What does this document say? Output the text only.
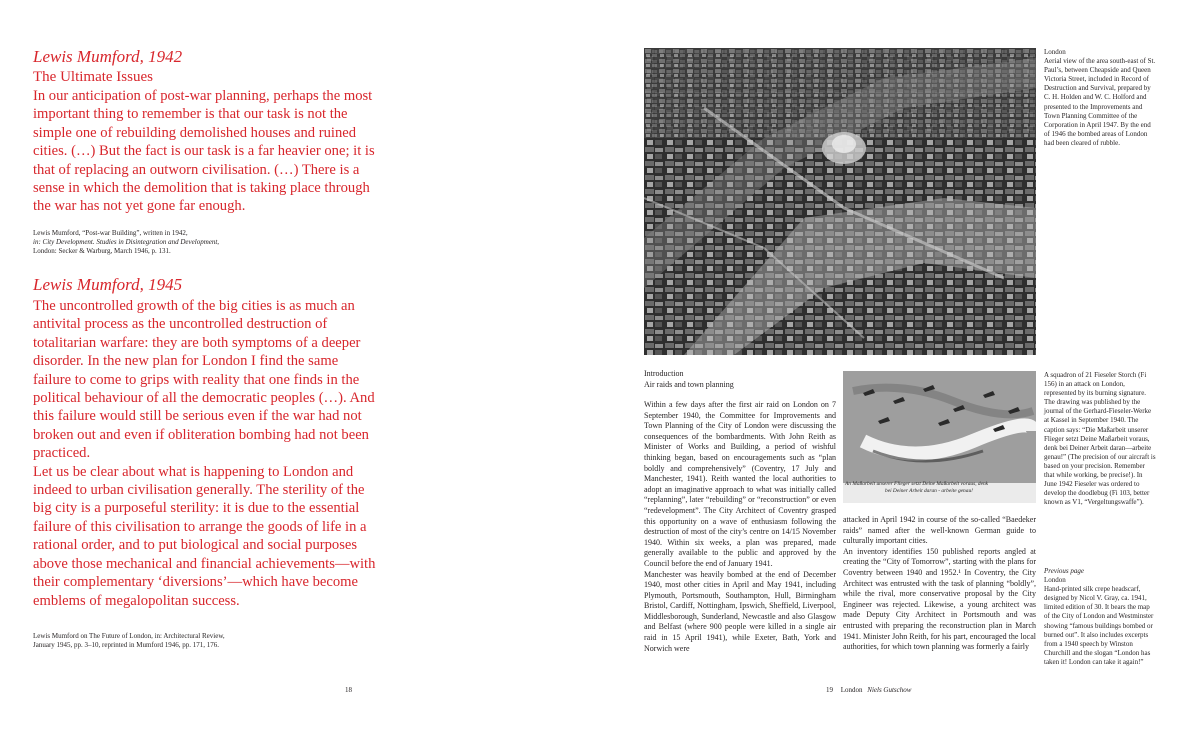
Lewis Mumford, 1942
The Ultimate Issues
In our anticipation of post-war planning, perhaps the most important thing to remember is that our task is not the simple one of rebuilding demolished houses and ruined cities. (…) But the fact is our task is a far heavier one; it is that of replacing an outworn civilisation. (…) There is a sense in which the demolition that is taking place through the war has not yet gone far enough.
Lewis Mumford, “Post-war Building”, written in 1942,
in: City Development. Studies in Disintegration and Development,
London: Secker & Warburg, March 1946, p. 131.
Lewis Mumford, 1945
The uncontrolled growth of the big cities is as much an antivital process as the uncontrolled destruction of totalitarian warfare: they are both symptoms of a deeper disorder. In the new plan for London I find the same failure to come to grips with reality that one finds in the political behaviour of all the democratic peoples (…). And this failure would still be serious even if the war had not broken out and even if obliteration bombing had not been practiced.
Let us be clear about what is happening to London and indeed to urban civilisation generally. The sterility of the big city is a purposeful sterility: it is due to the essential failure of this civilisation to arrange the goods of life in a rational order, and to put biological and social purposes above those mechanical and financial achievements—with their complementary ‘diversions’—which have become emblems of megalopolitan success.
Lewis Mumford on The Future of London, in: Architectural Review,
January 1945, pp. 3–10, reprinted in Mumford 1946, pp. 171, 176.
18
London
Aerial view of the area south-east of St. Paul’s, between Cheapside and Queen Victoria Street, included in Record of Destruction and Survival, prepared by C. H. Holden and W. C. Holford and presented to the Improvements and Town Planning Committee of the Corporation in April 1947. By the end of 1946 the bombed areas of London had been cleared of rubble.
Introduction
Air raids and town planning
Within a few days after the first air raid on London on 7 September 1940, the Committee for Improvements and Town Planning of the City of London were discussing the consequences of the bombardments. With John Reith as Minister of Works and Building, a period of wishful thinking began, based on encouragements such as “plan boldly and comprehensively” (Coventry, 17 July and Manchester, 1941). Reith wanted the local authorities to adopt an imaginative approach to what was initially called “replanning”, later “rebuilding” or “reconstruction” or even “redevelopment”. The City Architect of Coventry grasped this opportunity on a wave of enthusiasm following the destruction of most of the city’s centre on 14/15 November 1940. Within six weeks, a plan was prepared, made generally available to the public and approved by the Council before the end of January 1941.
Manchester was heavily bombed at the end of December 1940, most other cities in April and May 1941, including Plymouth, Portsmouth, Southampton, Hull, Birmingham Bristol, Cardiff, Nottingham, Ipswich, Sheffield, Liverpool, Middlesborough, Sunderland, Newcastle and also Glasgow and Belfast (where 900 people were killed in a single air raid in 15 April 1941), while Exeter, Bath, York and Norwich were
An Maßarbeit unserer Flieger setzt Deine Maßarbeit voraus, denk
bei Deiner Arbeit daran - arbeite genau!
attacked in April 1942 in course of the so-called “Baedeker raids” named after the well-known German guide to culturally important cities.
An inventory identifies 150 published reports angled at creating the “City of Tomorrow”, starting with the plans for Coventry between 1940 and 1952.¹ In Coventry, the City Architect was entrusted with the task of planning “boldly”, while the rival, more conservative proposal by the City Engineer was rejected. Likewise, a young architect was made Deputy City Architect in Portsmouth and was entrusted with preparing the reconstruction plan in March 1941. Minister John Reith, for his part, encouraged the local authorities, for which town planning was formerly a fairly
A squadron of 21 Fieseler Storch (Fi 156) in an attack on London, represented by its burning signature. The drawing was published by the journal of the Gerhard-Fieseler-Werke at Kassel in September 1940. The caption says: “Die Maßarbeit unserer Flieger setzt Deine Maßarbeit voraus, denk bei Deiner Arbeit daran—arbeite genau!” (The precision of our aircraft is based on your precision. Remember that while working, be precise!). In June 1942 Fieseler was ordered to develop the doodlebug (Fi 103, better known as V1, “Vergeltungswaffe”).
Previous page
London
Hand-printed silk crepe headscarf, designed by Nicol V. Gray, ca. 1941, limited edition of 30. It bears the map of the City of London and Westminster showing “famous buildings bombed or burned out”. It also includes excerpts from a 1940 speech by Winston Churchill and the slogan “London has taken it! London can take it again!”
19 London Niels Gutschow
